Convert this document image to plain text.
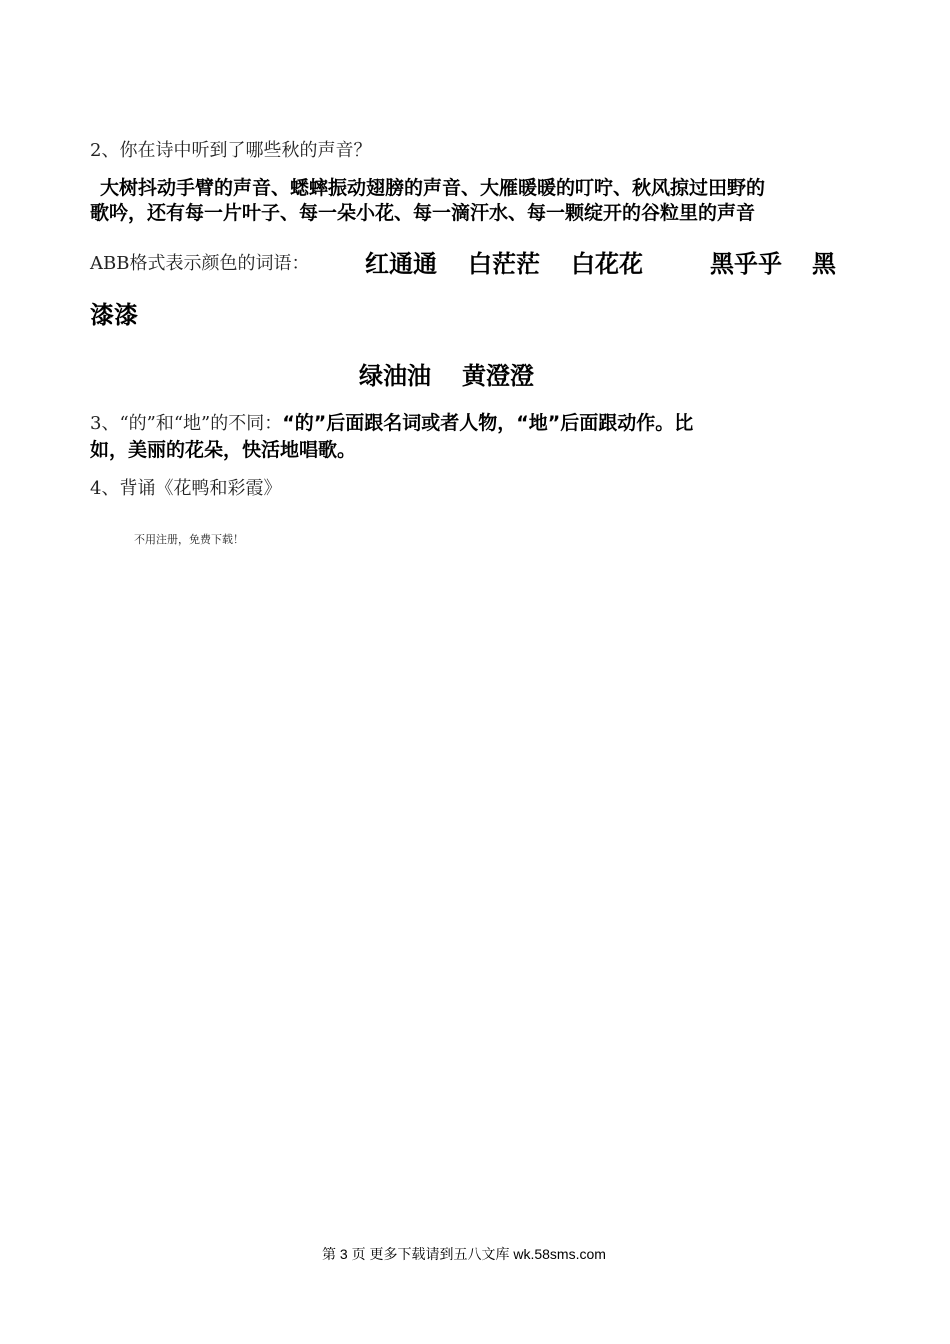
2、你在诗中听到了哪些秋的声音？
大树抖动手臂的声音、蟋蟀振动翅膀的声音、大雁暖暖的叮咛、秋风掠过田野的
歌吟，还有每一片叶子、每一朵小花、每一滴汗水、每一颗绽开的谷粒里的声音
ABB格式表示颜色的词语： 红通通 白茫茫 白花花	黑乎乎 黑
漆漆
绿油油 黄澄澄
3、“的”和“地”的不同：“的”后面跟名词或者人物，“地”后面跟动作。比
如，美丽的花朵，快活地唱歌。
4、背诵《花鸭和彩霞》
不用注册，免费下载！
第 3 页 更多下载请到五八文库 wk.58sms.com
